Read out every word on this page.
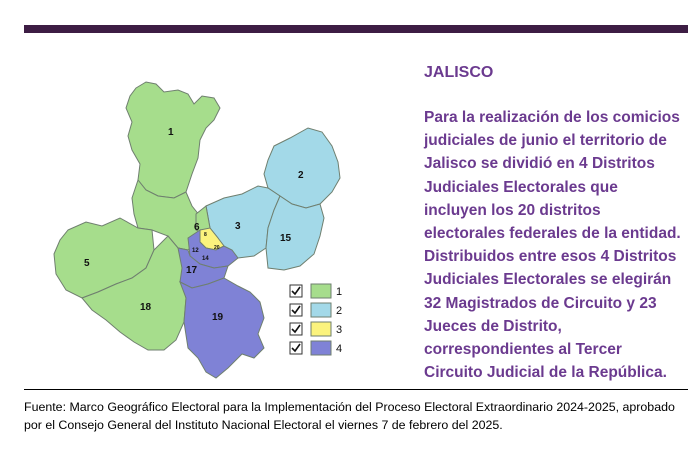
1
2
3
5
6
15
17
18
19
8
12
14
20
1
2
3
4
JALISCO

Para la realización de los comicios judiciales de junio el territorio de Jalisco se dividió en 4 Distritos Judiciales Electorales que incluyen los 20 distritos electorales federales de la entidad. Distribuidos entre esos 4 Distritos Judiciales Electorales se elegirán 32 Magistrados de Circuito y 23 Jueces de Distrito, correspondientes al Tercer Circuito Judicial de la República.

Fuente: Marco Geográfico Electoral para la Implementación del Proceso Electoral Extraordinario 2024-2025, aprobado por el Consejo General del Instituto Nacional Electoral el viernes 7 de febrero del 2025.
